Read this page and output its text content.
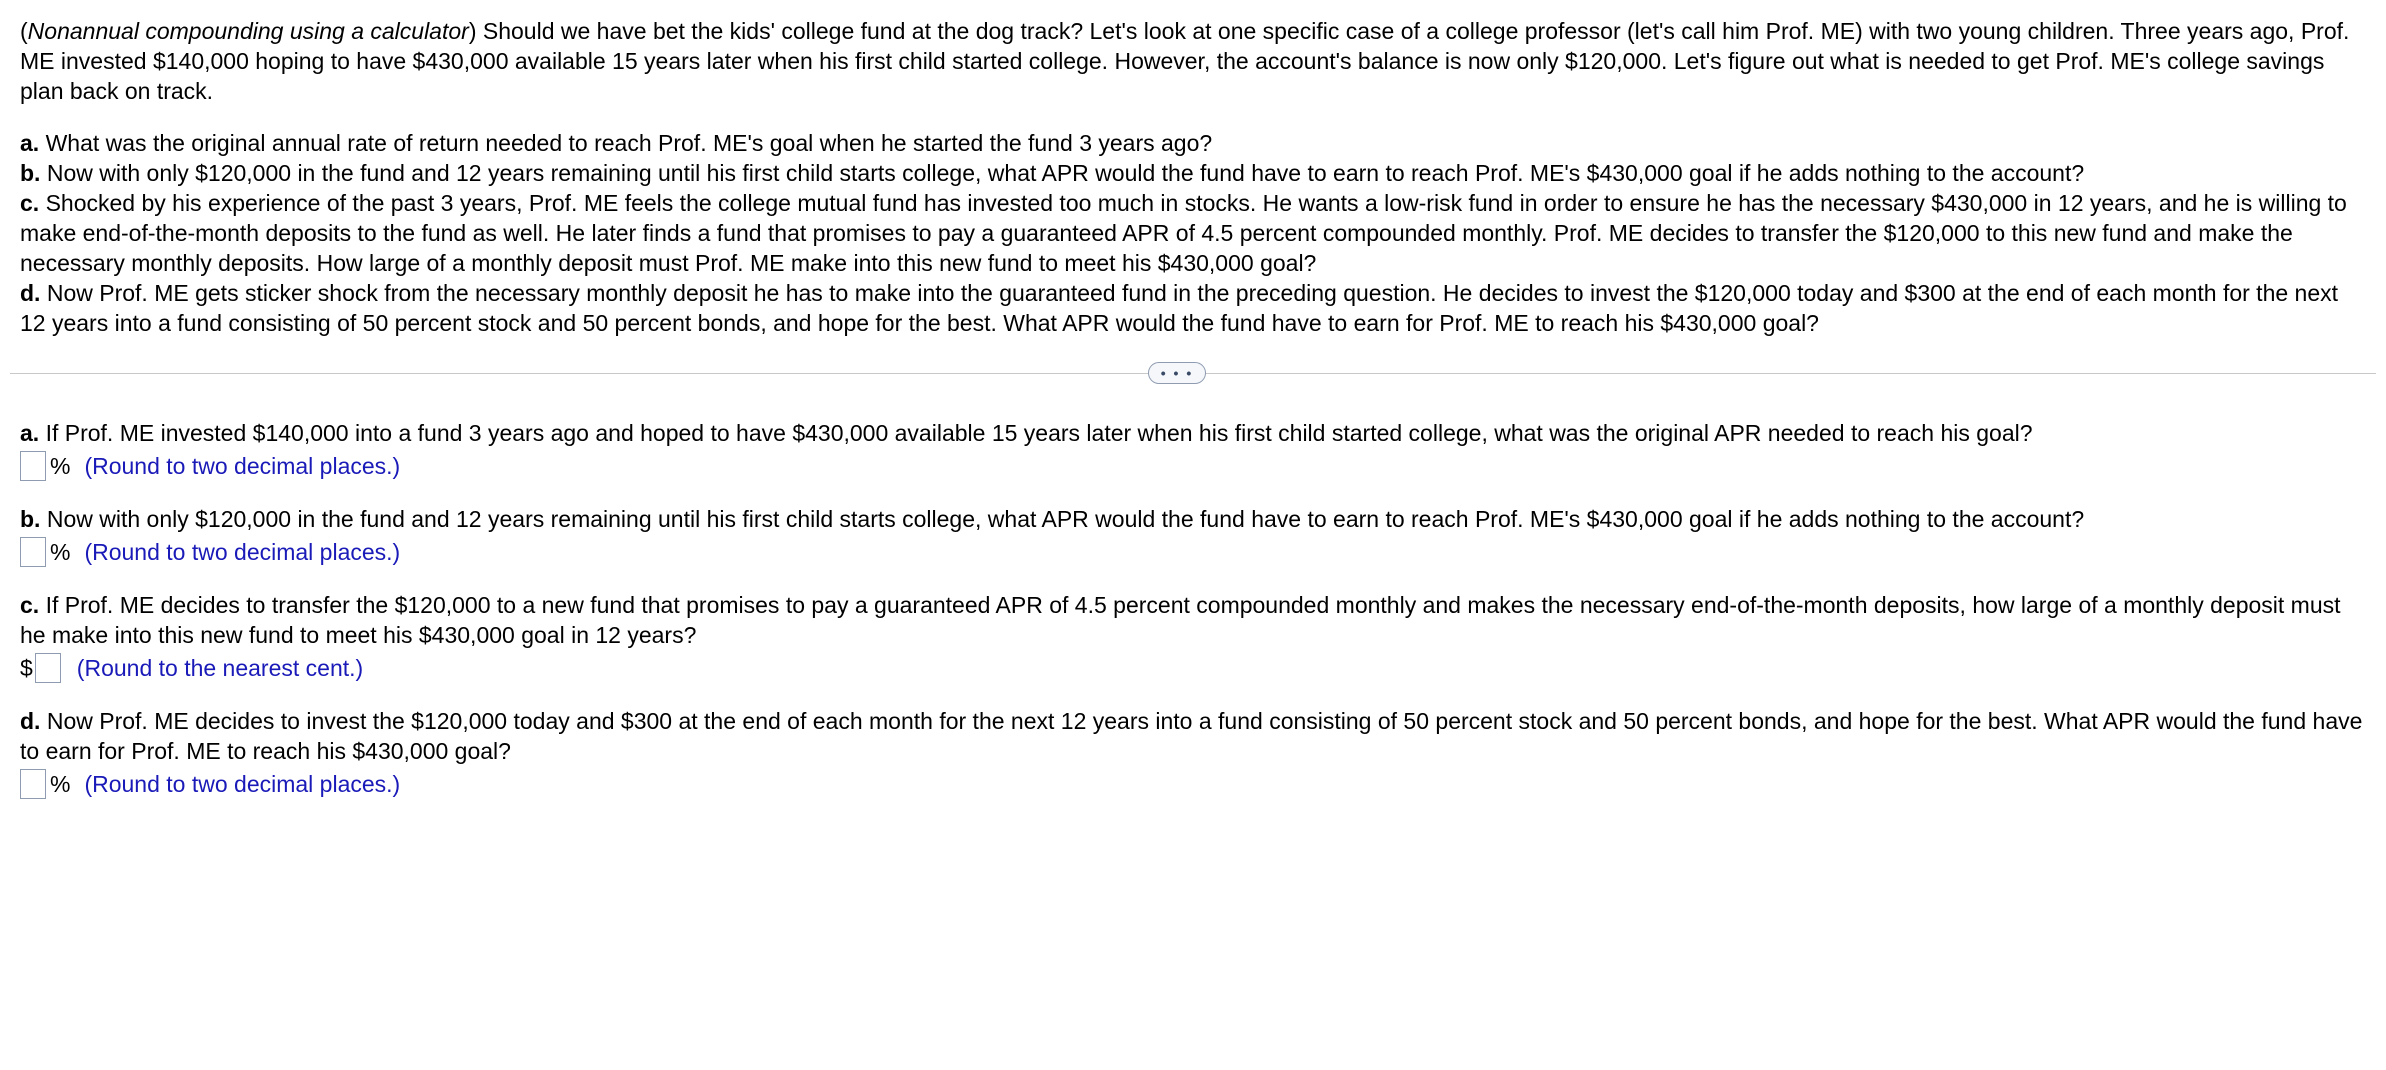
(Nonannual compounding using a calculator) Should we have bet the kids' college fund at the dog track? Let's look at one specific case of a college professor (let's call him Prof. ME) with two young children. Three years ago, Prof. ME invested $140,000 hoping to have $430,000 available 15 years later when his first child started college. However, the account's balance is now only $120,000. Let's figure out what is needed to get Prof. ME's college savings plan back on track.

a. What was the original annual rate of return needed to reach Prof. ME's goal when he started the fund 3 years ago?

b. Now with only $120,000 in the fund and 12 years remaining until his first child starts college, what APR would the fund have to earn to reach Prof. ME's $430,000 goal if he adds nothing to the account?

c. Shocked by his experience of the past 3 years, Prof. ME feels the college mutual fund has invested too much in stocks. He wants a low-risk fund in order to ensure he has the necessary $430,000 in 12 years, and he is willing to make end-of-the-month deposits to the fund as well. He later finds a fund that promises to pay a guaranteed APR of 4.5 percent compounded monthly. Prof. ME decides to transfer the $120,000 to this new fund and make the necessary monthly deposits. How large of a monthly deposit must Prof. ME make into this new fund to meet his $430,000 goal?

d. Now Prof. ME gets sticker shock from the necessary monthly deposit he has to make into the guaranteed fund in the preceding question. He decides to invest the $120,000 today and $300 at the end of each month for the next 12 years into a fund consisting of 50 percent stock and 50 percent bonds, and hope for the best. What APR would the fund have to earn for Prof. ME to reach his $430,000 goal?

• • •

a. If Prof. ME invested $140,000 into a fund 3 years ago and hoped to have $430,000 available 15 years later when his first child started college, what was the original APR needed to reach his goal?

% (Round to two decimal places.)

b. Now with only $120,000 in the fund and 12 years remaining until his first child starts college, what APR would the fund have to earn to reach Prof. ME's $430,000 goal if he adds nothing to the account?

% (Round to two decimal places.)

c. If Prof. ME decides to transfer the $120,000 to a new fund that promises to pay a guaranteed APR of 4.5 percent compounded monthly and makes the necessary end-of-the-month deposits, how large of a monthly deposit must he make into this new fund to meet his $430,000 goal in 12 years?

$ (Round to the nearest cent.)

d. Now Prof. ME decides to invest the $120,000 today and $300 at the end of each month for the next 12 years into a fund consisting of 50 percent stock and 50 percent bonds, and hope for the best. What APR would the fund have to earn for Prof. ME to reach his $430,000 goal?

% (Round to two decimal places.)
